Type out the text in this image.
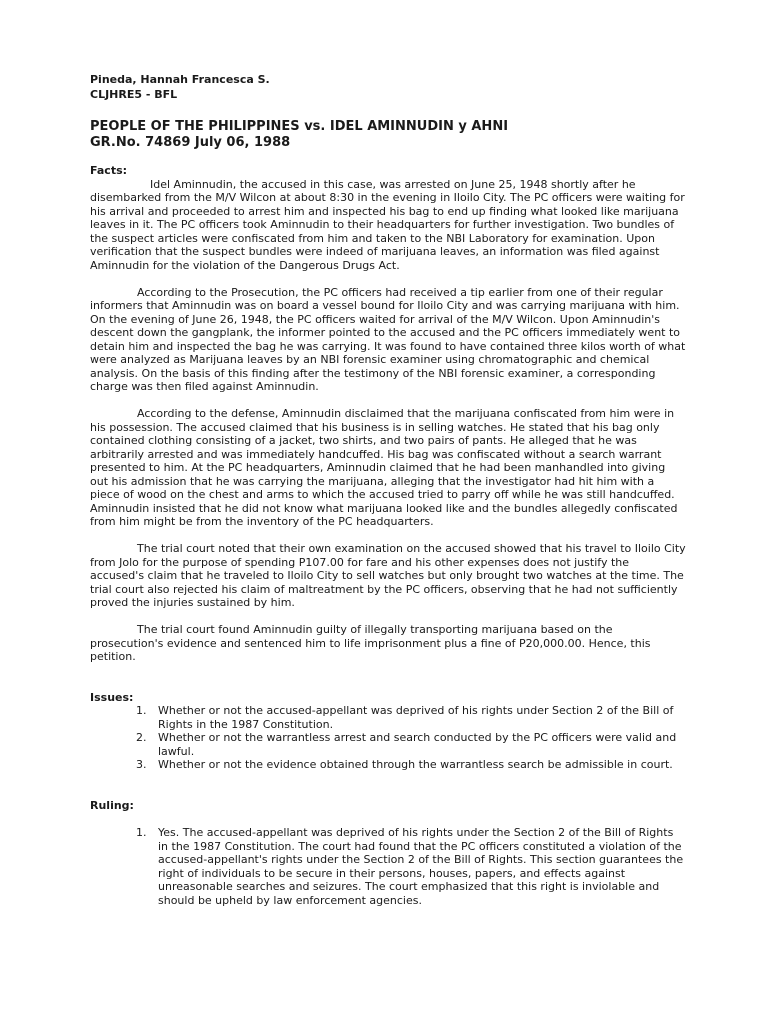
Pineda, Hannah Francesca S.
CLJHRE5 - BFL
PEOPLE OF THE PHILIPPINES vs. IDEL AMINNUDIN y AHNI
GR.No. 74869 July 06, 1988
Facts:

Idel Aminnudin, the accused in this case, was arrested on June 25, 1948 shortly after he disembarked from the M/V Wilcon at about 8:30 in the evening in Iloilo City. The PC officers were waiting for his arrival and proceeded to arrest him and inspected his bag to end up finding what looked like marijuana leaves in it. The PC officers took Aminnudin to their headquarters for further investigation. Two bundles of the suspect articles were confiscated from him and taken to the NBI Laboratory for examination. Upon verification that the suspect bundles were indeed of marijuana leaves, an information was filed against Aminnudin for the violation of the Dangerous Drugs Act.

According to the Prosecution, the PC officers had received a tip earlier from one of their regular informers that Aminnudin was on board a vessel bound for Iloilo City and was carrying marijuana with him. On the evening of June 26, 1948, the PC officers waited for arrival of the M/V Wilcon. Upon Aminnudin's descent down the gangplank, the informer pointed to the accused and the PC officers immediately went to detain him and inspected the bag he was carrying. It was found to have contained three kilos worth of what were analyzed as Marijuana leaves by an NBI forensic examiner using chromatographic and chemical analysis. On the basis of this finding after the testimony of the NBI forensic examiner, a corresponding charge was then filed against Aminnudin.

According to the defense, Aminnudin disclaimed that the marijuana confiscated from him were in his possession. The accused claimed that his business is in selling watches. He stated that his bag only contained clothing consisting of a jacket, two shirts, and two pairs of pants. He alleged that he was arbitrarily arrested and was immediately handcuffed. His bag was confiscated without a search warrant presented to him. At the PC headquarters, Aminnudin claimed that he had been manhandled into giving out his admission that he was carrying the marijuana, alleging that the investigator had hit him with a piece of wood on the chest and arms to which the accused tried to parry off while he was still handcuffed. Aminnudin insisted that he did not know what marijuana looked like and the bundles allegedly confiscated from him might be from the inventory of the PC headquarters.

The trial court noted that their own examination on the accused showed that his travel to Iloilo City from Jolo for the purpose of spending P107.00 for fare and his other expenses does not justify the accused's claim that he traveled to Iloilo City to sell watches but only brought two watches at the time. The trial court also rejected his claim of maltreatment by the PC officers, observing that he had not sufficiently proved the injuries sustained by him.

The trial court found Aminnudin guilty of illegally transporting marijuana based on the prosecution's evidence and sentenced him to life imprisonment plus a fine of P20,000.00. Hence, this petition.

Issues:
1. Whether or not the accused-appellant was deprived of his rights under Section 2 of the Bill of Rights in the 1987 Constitution.
2. Whether or not the warrantless arrest and search conducted by the PC officers were valid and lawful.
3. Whether or not the evidence obtained through the warrantless search be admissible in court.
Ruling:
1. Yes. The accused-appellant was deprived of his rights under the Section 2 of the Bill of Rights in the 1987 Constitution. The court had found that the PC officers constituted a violation of the accused-appellant's rights under the Section 2 of the Bill of Rights. This section guarantees the right of individuals to be secure in their persons, houses, papers, and effects against unreasonable searches and seizures. The court emphasized that this right is inviolable and should be upheld by law enforcement agencies.
